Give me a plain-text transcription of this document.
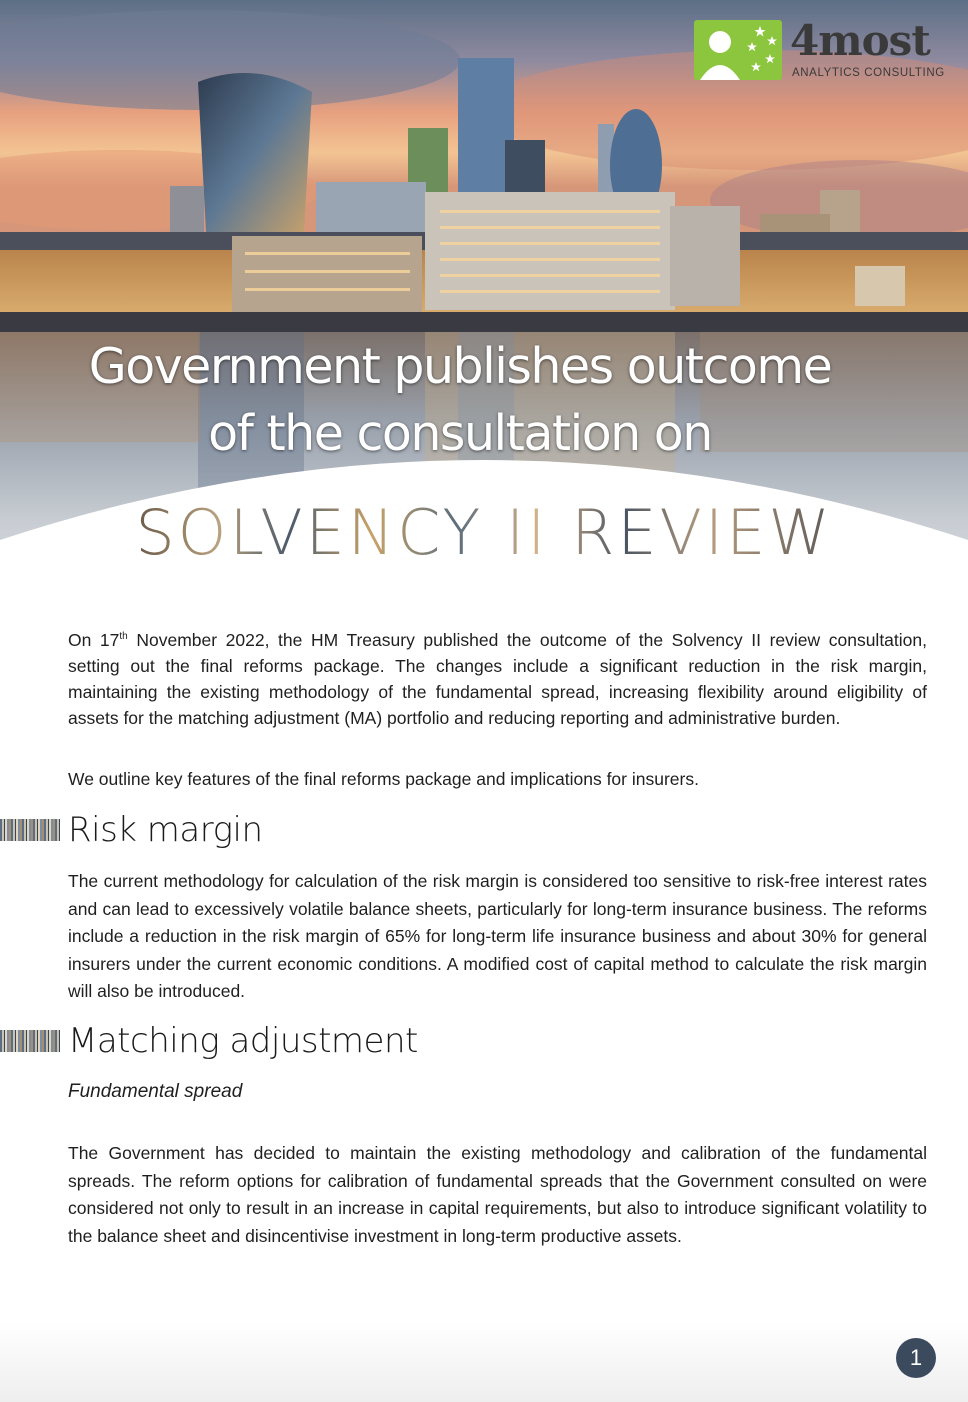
4most
ANALYTICS CONSULTING
Government publishes outcome
of the consultation on
SOLVENCY II REVIEW

On 17th November 2022, the HM Treasury published the outcome of the Solvency II review consultation, setting out the final reforms package. The changes include a significant reduction in the risk margin, maintaining the existing methodology of the fundamental spread, increasing flexibility around eligibility of assets for the matching adjustment (MA) portfolio and reducing reporting and administrative burden.

We outline key features of the final reforms package and implications for insurers.

Risk margin

The current methodology for calculation of the risk margin is considered too sensitive to risk-free interest rates and can lead to excessively volatile balance sheets, particularly for long-term insurance business. The reforms include a reduction in the risk margin of 65% for long-term life insurance business and about 30% for general insurers under the current economic conditions. A modified cost of capital method to calculate the risk margin will also be introduced.

Matching adjustment
Fundamental spread

The Government has decided to maintain the existing methodology and calibration of the fundamental spreads. The reform options for calibration of fundamental spreads that the Government consulted on were considered not only to result in an increase in capital requirements, but also to introduce significant volatility to the balance sheet and disincentivise investment in long-term productive assets.

1
